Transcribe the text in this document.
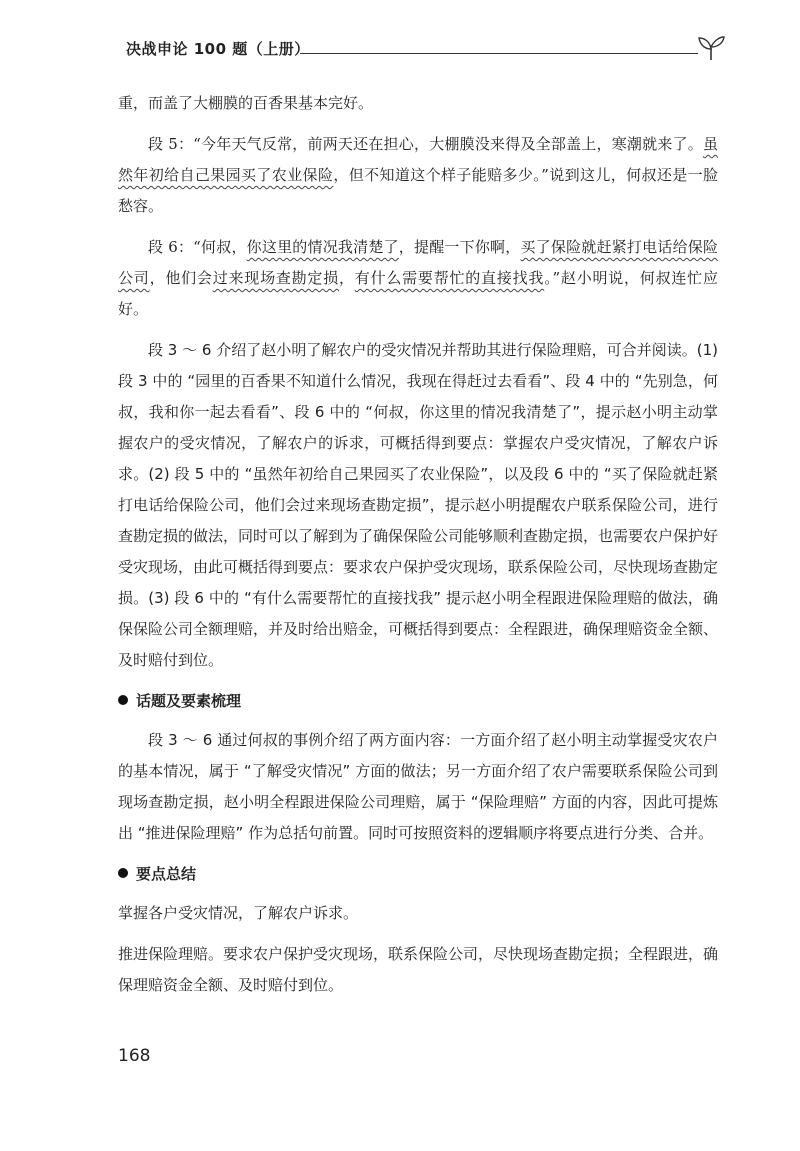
决战申论 100 题（上册）

重，而盖了大棚膜的百香果基本完好。

段 5：“今年天气反常，前两天还在担心，大棚膜没来得及全部盖上，寒潮就来了。虽然年初给自己果园买了农业保险，但不知道这个样子能赔多少。”说到这儿，何叔还是一脸愁容。

段 6：“何叔，你这里的情况我清楚了，提醒一下你啊，买了保险就赶紧打电话给保险公司，他们会过来现场查勘定损，有什么需要帮忙的直接找我。”赵小明说，何叔连忙应好。

段 3 ～ 6 介绍了赵小明了解农户的受灾情况并帮助其进行保险理赔，可合并阅读。(1) 段 3 中的 “园里的百香果不知道什么情况，我现在得赶过去看看”、段 4 中的 “先别急，何叔，我和你一起去看看”、段 6 中的 “何叔，你这里的情况我清楚了”，提示赵小明主动掌握农户的受灾情况，了解农户的诉求，可概括得到要点：掌握农户受灾情况，了解农户诉求。(2) 段 5 中的 “虽然年初给自己果园买了农业保险”，以及段 6 中的 “买了保险就赶紧打电话给保险公司，他们会过来现场查勘定损”，提示赵小明提醒农户联系保险公司，进行查勘定损的做法，同时可以了解到为了确保保险公司能够顺利查勘定损，也需要农户保护好受灾现场，由此可概括得到要点：要求农户保护受灾现场，联系保险公司，尽快现场查勘定损。(3) 段 6 中的 “有什么需要帮忙的直接找我” 提示赵小明全程跟进保险理赔的做法，确保保险公司全额理赔，并及时给出赔金，可概括得到要点：全程跟进，确保理赔资金全额、及时赔付到位。

话题及要素梳理

段 3 ～ 6 通过何叔的事例介绍了两方面内容：一方面介绍了赵小明主动掌握受灾农户的基本情况，属于 “了解受灾情况” 方面的做法；另一方面介绍了农户需要联系保险公司到现场查勘定损，赵小明全程跟进保险公司理赔，属于 “保险理赔” 方面的内容，因此可提炼出 “推进保险理赔” 作为总括句前置。同时可按照资料的逻辑顺序将要点进行分类、合并。

要点总结

掌握各户受灾情况，了解农户诉求。

推进保险理赔。要求农户保护受灾现场，联系保险公司，尽快现场查勘定损；全程跟进，确保理赔资金全额、及时赔付到位。

168
